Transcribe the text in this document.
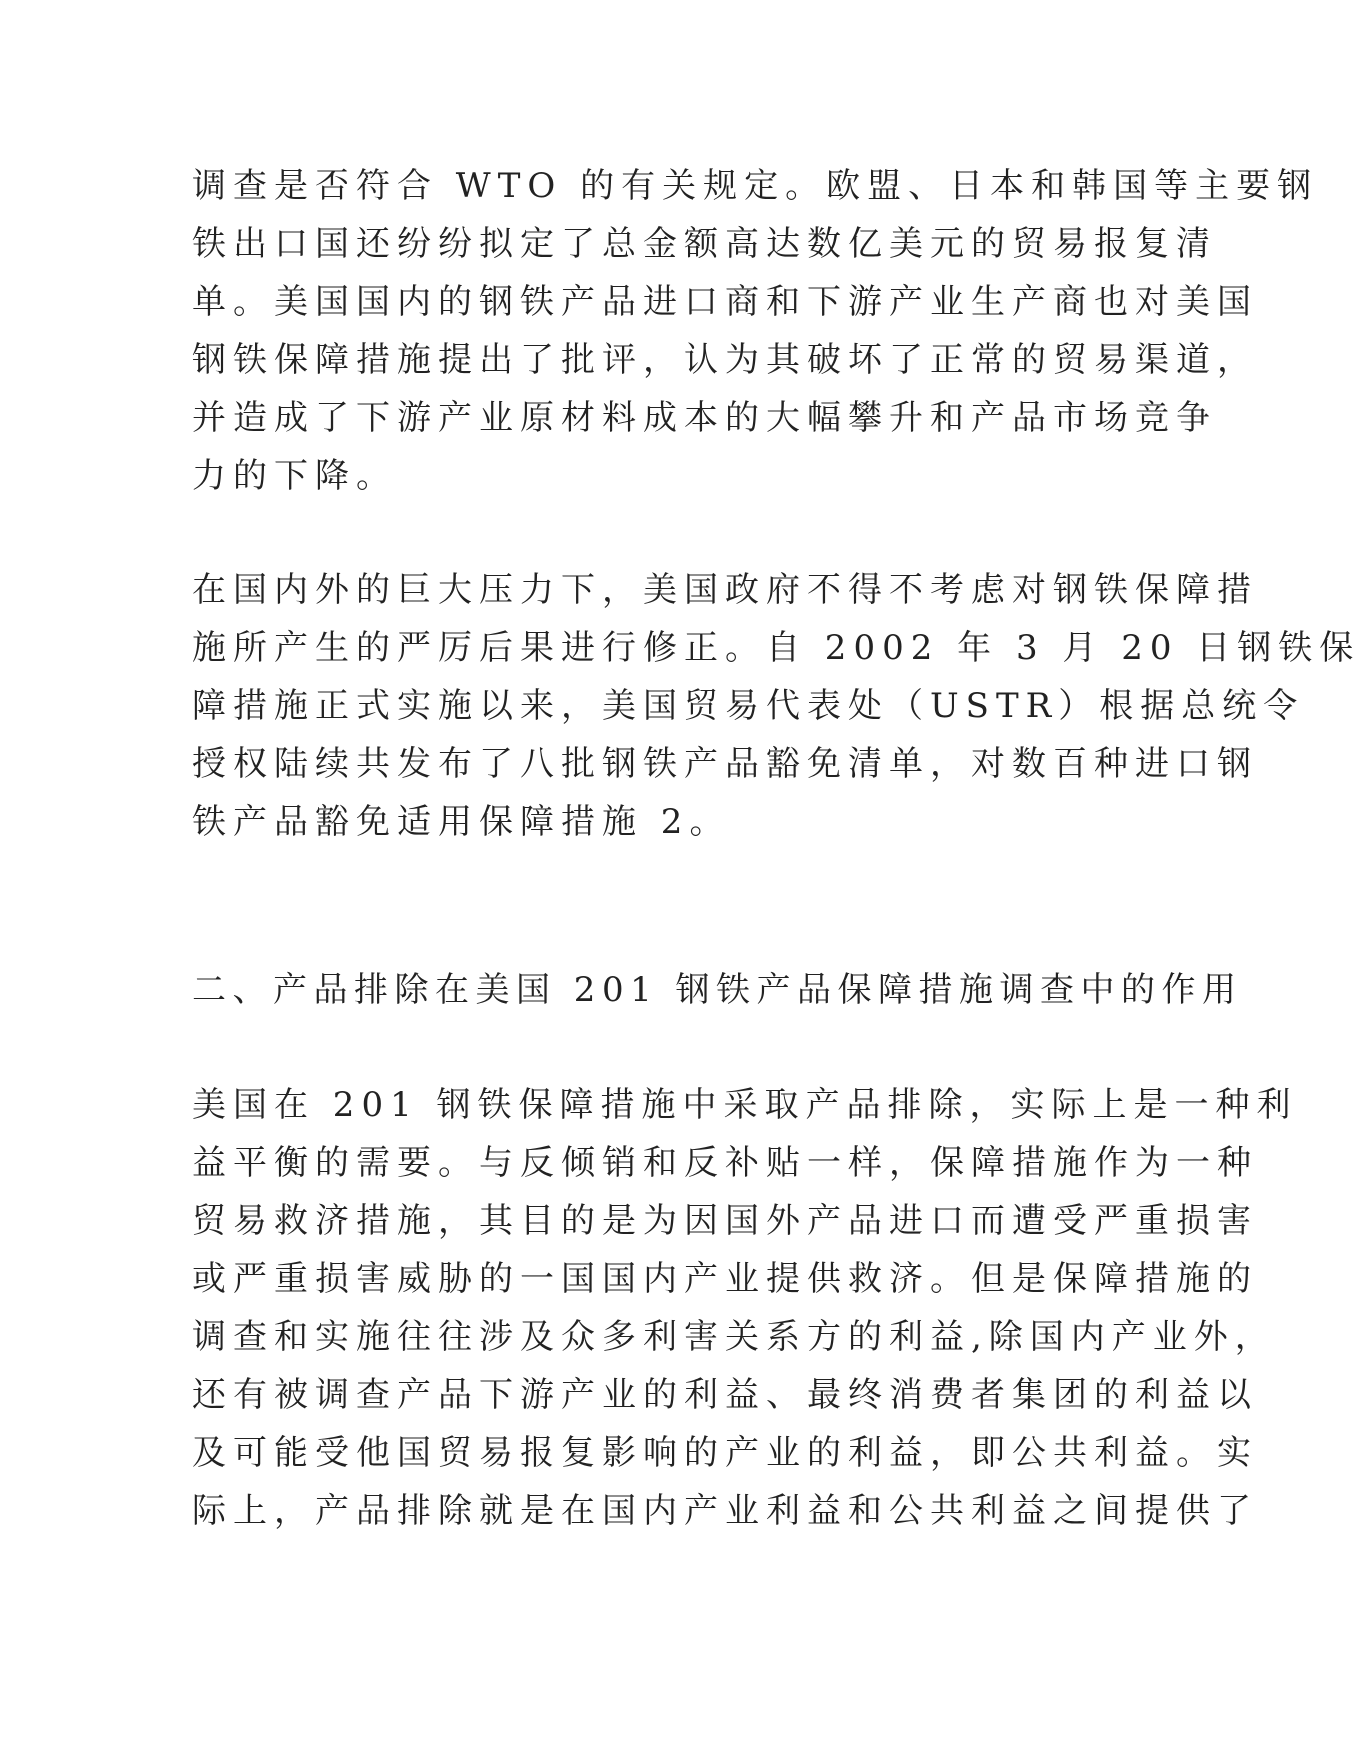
调查是否符合 WTO 的有关规定。欧盟、日本和韩国等主要钢
铁出口国还纷纷拟定了总金额高达数亿美元的贸易报复清
单。美国国内的钢铁产品进口商和下游产业生产商也对美国
钢铁保障措施提出了批评，认为其破坏了正常的贸易渠道，
并造成了下游产业原材料成本的大幅攀升和产品市场竞争
力的下降。
在国内外的巨大压力下，美国政府不得不考虑对钢铁保障措
施所产生的严厉后果进行修正。自 2002 年 3 月 20 日钢铁保
障措施正式实施以来，美国贸易代表处（USTR）根据总统令
授权陆续共发布了八批钢铁产品豁免清单，对数百种进口钢
铁产品豁免适用保障措施 2。
二、产品排除在美国 201 钢铁产品保障措施调查中的作用
美国在 201 钢铁保障措施中采取产品排除，实际上是一种利
益平衡的需要。与反倾销和反补贴一样，保障措施作为一种
贸易救济措施，其目的是为因国外产品进口而遭受严重损害
或严重损害威胁的一国国内产业提供救济。但是保障措施的
调查和实施往往涉及众多利害关系方的利益,除国内产业外，
还有被调查产品下游产业的利益、最终消费者集团的利益以
及可能受他国贸易报复影响的产业的利益，即公共利益。实
际上，产品排除就是在国内产业利益和公共利益之间提供了
